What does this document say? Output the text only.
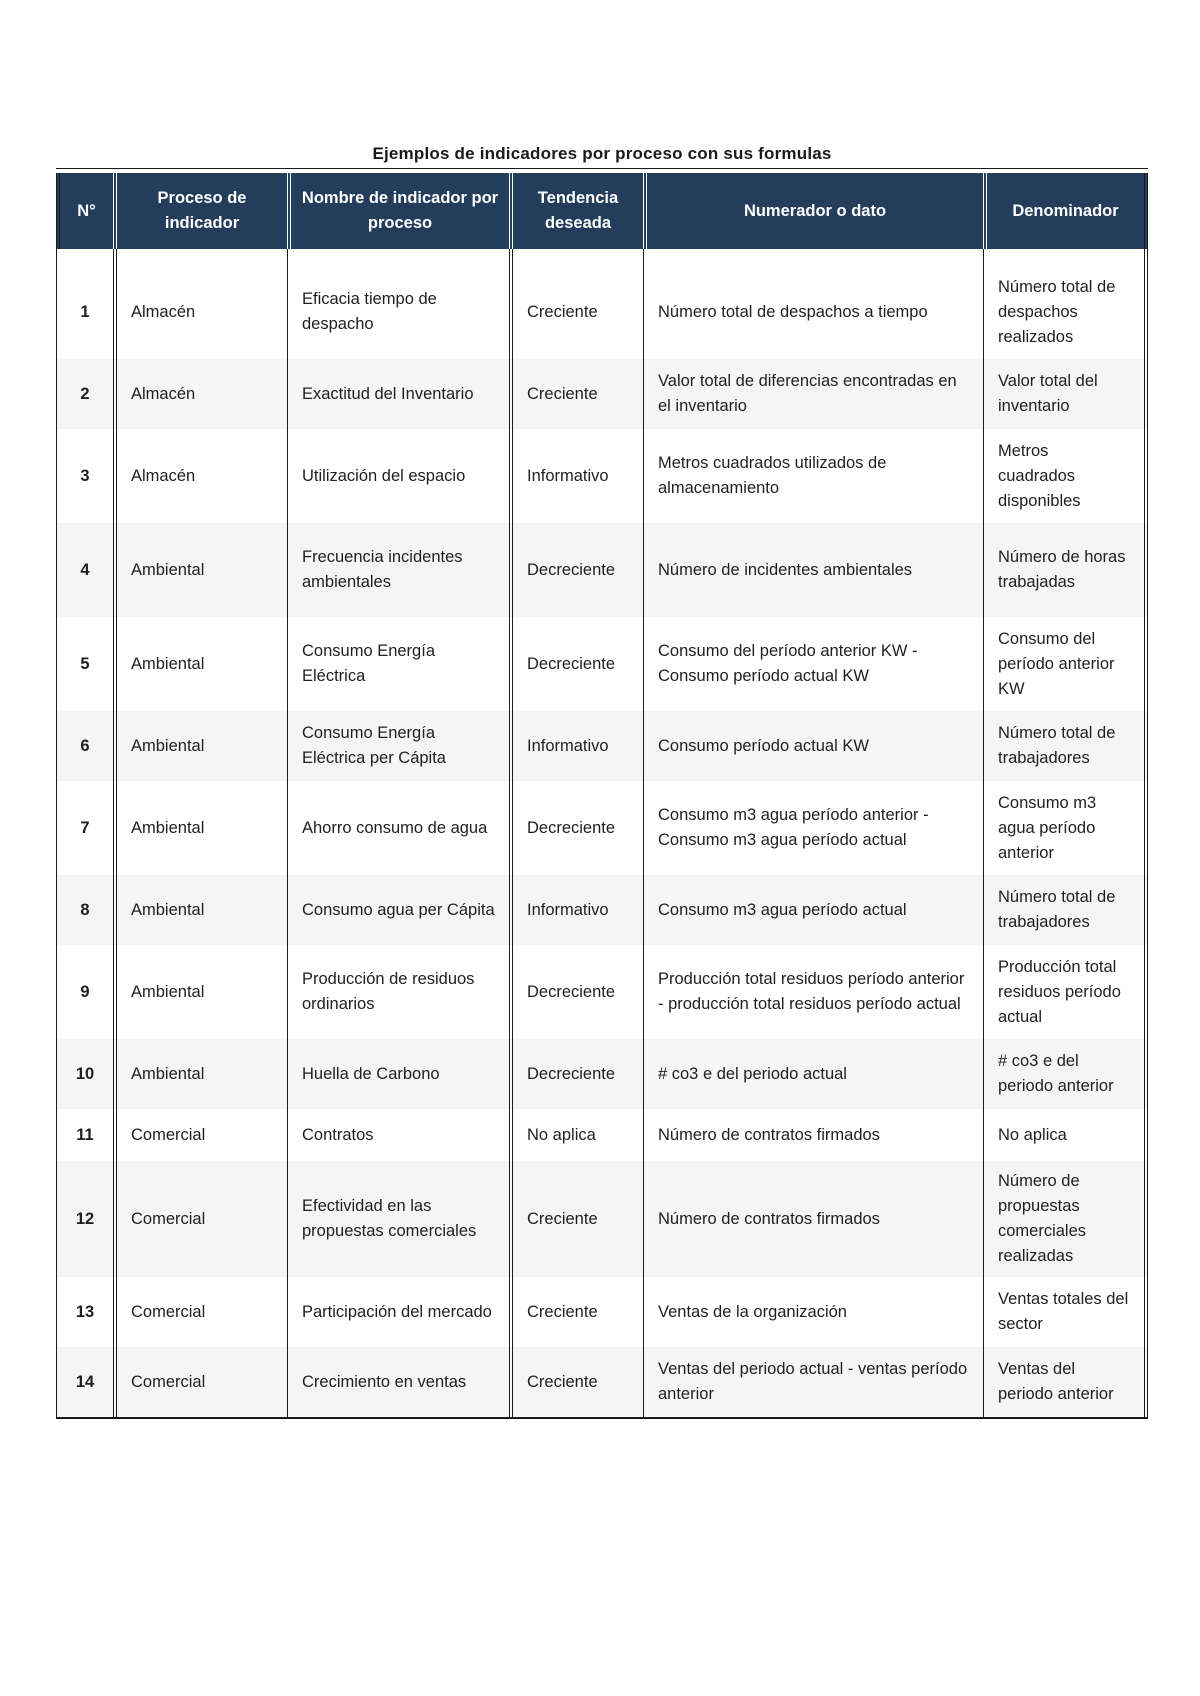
Ejemplos de indicadores por proceso con sus formulas
N°	Proceso de indicador	Nombre de indicador por proceso	Tendencia deseada	Numerador o dato	Denominador

1	Almacén	Eficacia tiempo de despacho	Creciente	Número total de despachos a tiempo	Número total de despachos realizados
2	Almacén	Exactitud del Inventario	Creciente	Valor total de diferencias encontradas en el inventario	Valor total del inventario
3	Almacén	Utilización del espacio	Informativo	Metros cuadrados utilizados de almacenamiento	Metros cuadrados disponibles
4	Ambiental	Frecuencia incidentes ambientales	Decreciente	Número de incidentes ambientales	Número de horas trabajadas
5	Ambiental	Consumo Energía Eléctrica	Decreciente	Consumo del período anterior KW - Consumo período actual KW	Consumo del período anterior KW
6	Ambiental	Consumo Energía Eléctrica per Cápita	Informativo	Consumo período actual KW	Número total de trabajadores
7	Ambiental	Ahorro consumo de agua	Decreciente	Consumo m3 agua período anterior - Consumo m3 agua período actual	Consumo m3 agua período anterior
8	Ambiental	Consumo agua per Cápita	Informativo	Consumo m3 agua período actual	Número total de trabajadores
9	Ambiental	Producción de residuos ordinarios	Decreciente	Producción total residuos período anterior - producción total residuos período actual	Producción total residuos período actual
10	Ambiental	Huella de Carbono	Decreciente	# co3 e del periodo actual	# co3 e del periodo anterior
11	Comercial	Contratos	No aplica	Número de contratos firmados	No aplica
12	Comercial	Efectividad en las propuestas comerciales	Creciente	Número de contratos firmados	Número de propuestas comerciales realizadas
13	Comercial	Participación del mercado	Creciente	Ventas de la organización	Ventas totales del sector
14	Comercial	Crecimiento en ventas	Creciente	Ventas del periodo actual - ventas período anterior	Ventas del periodo anterior
